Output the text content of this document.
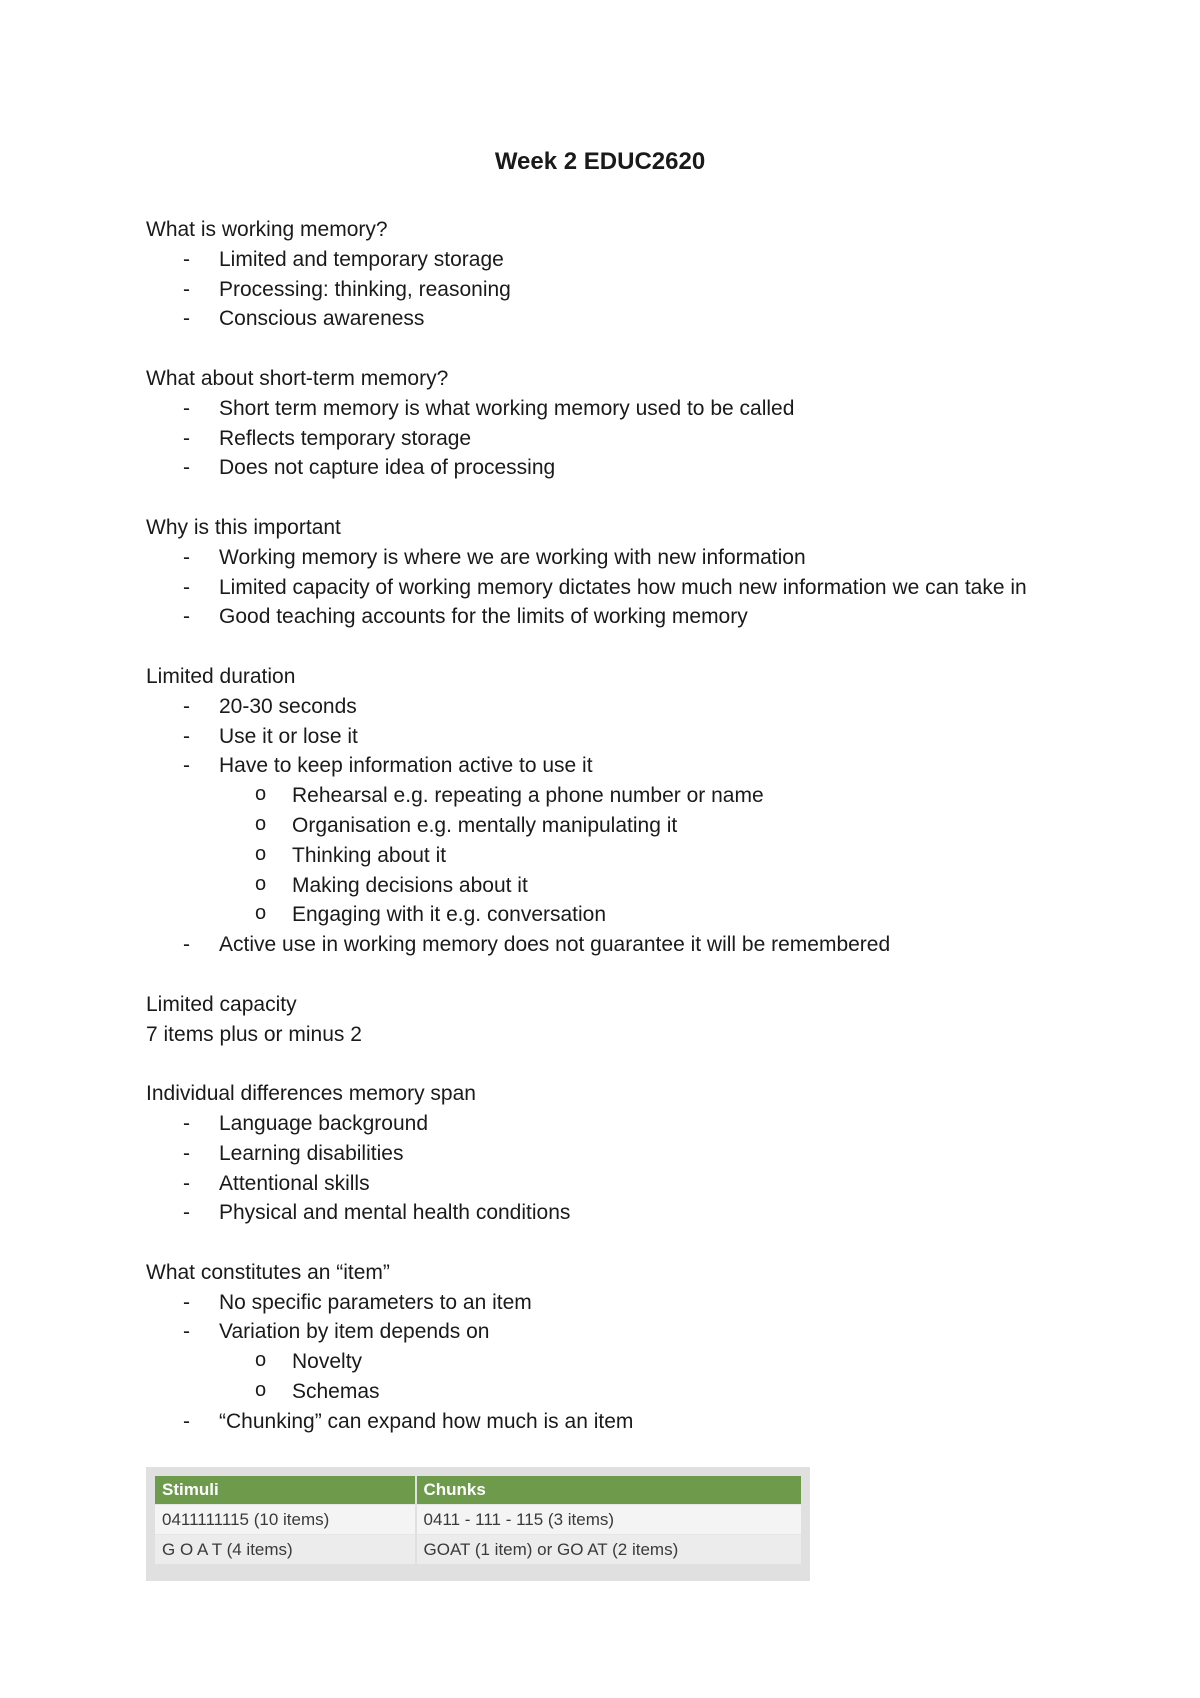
Week 2 EDUC2620

What is working memory?

- Limited and temporary storage
- Processing: thinking, reasoning
- Conscious awareness

What about short-term memory?

- Short term memory is what working memory used to be called
- Reflects temporary storage
- Does not capture idea of processing

Why is this important

- Working memory is where we are working with new information
- Limited capacity of working memory dictates how much new information we can take in
- Good teaching accounts for the limits of working memory

Limited duration

- 20-30 seconds
- Use it or lose it
- Have to keep information active to use it
o Rehearsal e.g. repeating a phone number or name
o Organisation e.g. mentally manipulating it
o Thinking about it
o Making decisions about it
o Engaging with it e.g. conversation
- Active use in working memory does not guarantee it will be remembered

Limited capacity

7 items plus or minus 2

Individual differences memory span

- Language background
- Learning disabilities
- Attentional skills
- Physical and mental health conditions

What constitutes an “item”

- No specific parameters to an item
- Variation by item depends on
o Novelty
o Schemas
- “Chunking” can expand how much is an item
Stimuli	Chunks
0411111115 (10 items)	0411 - 111 - 115 (3 items)
G O A T (4 items)	GOAT (1 item) or GO AT (2 items)
